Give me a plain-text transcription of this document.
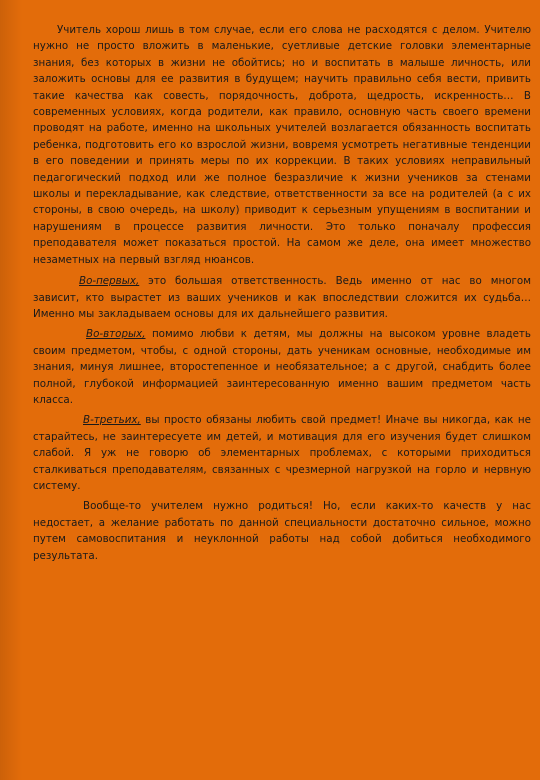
Учитель хорош лишь в том случае, если его слова не расходятся с делом. Учителю нужно не просто вложить в маленькие, суетливые детские головки элементарные знания, без которых в жизни не обойтись; но и воспитать в малыше личность, или заложить основы для ее развития в будущем; научить правильно себя вести, привить такие качества как совесть, порядочность, доброта, щедрость, искренность… В современных условиях, когда родители, как правило, основную часть своего времени проводят на работе, именно на школьных учителей возлагается обязанность воспитать ребенка, подготовить его ко взрослой жизни, вовремя усмотреть негативные тенденции в его поведении и принять меры по их коррекции. В таких условиях неправильный педагогический подход или же полное безразличие к жизни учеников за стенами школы и перекладывание, как следствие, ответственности за все на родителей (а с их стороны, в свою очередь, на школу) приводит к серьезным упущениям в воспитании и нарушениям в процессе развития личности. Это только поначалу профессия преподавателя может показаться простой. На самом же деле, она имеет множество незаметных на первый взгляд нюансов.

Во-первых, это большая ответственность. Ведь именно от нас во многом зависит, кто вырастет из ваших учеников и как впоследствии сложится их судьба… Именно мы закладываем основы для их дальнейшего развития.

Во-вторых, помимо любви к детям, мы должны на высоком уровне владеть своим предметом, чтобы, с одной стороны, дать ученикам основные, необходимые им знания, минуя лишнее, второстепенное и необязательное; а с другой, снабдить более полной, глубокой информацией заинтересованную именно вашим предметом часть класса.

В-третьих, вы просто обязаны любить свой предмет! Иначе вы никогда, как не старайтесь, не заинтересуете им детей, и мотивация для его изучения будет слишком слабой. Я уж не говорю об элементарных проблемах, с которыми приходиться сталкиваться преподавателям, связанных с чрезмерной нагрузкой на горло и нервную систему.

Вообще-то учителем нужно родиться! Но, если каких-то качеств у нас недостает, а желание работать по данной специальности достаточно сильное, можно путем самовоспитания и неуклонной работы над собой добиться необходимого результата.
